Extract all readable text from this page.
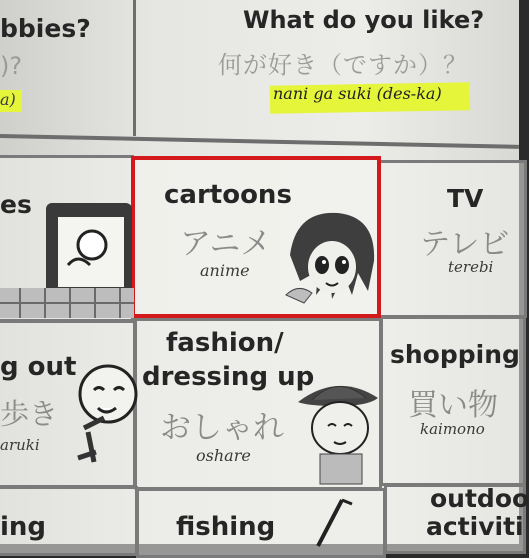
bbies?
)?
a)
What do you like?
何が好き（ですか）？
nani ga suki (des-ka)
es	cartoons
アニメ
anime
TV
テレビ
terebi
g out
歩き
aruki
fashion/
dressing up
おしゃれ
oshare
shopping
買い物
kaimono
ing	fishing
outdoo
activiti
